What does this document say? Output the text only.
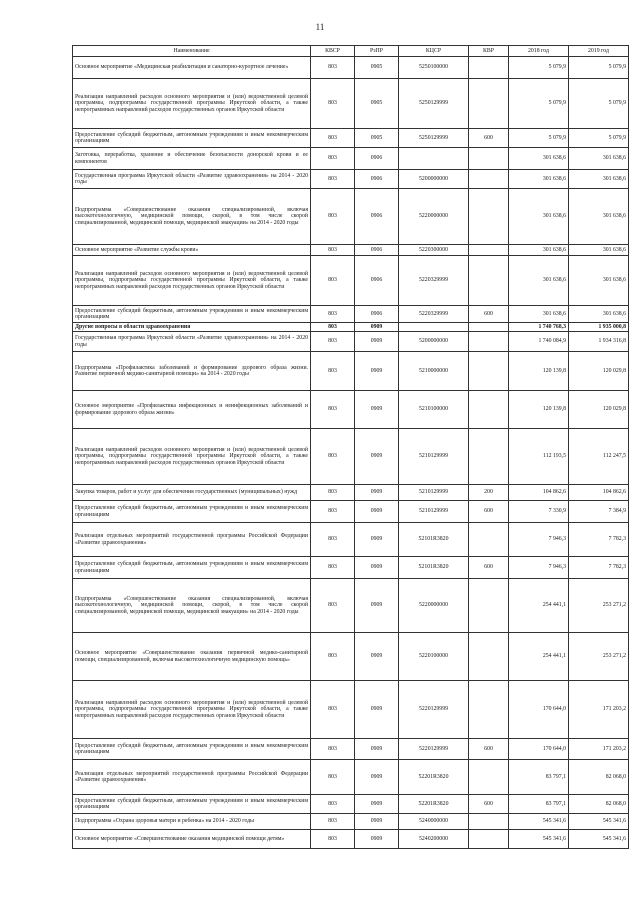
11
Наименование	КВСР	РзПР	КЦСР	КВР	2018 год	2019 год
Основное мероприятие «Медицинская реабилитация и санаторно-курортное лечение»	803	0905	5250100000		5 079,9	5 079,9
Реализация направлений расходов основного мероприятия и (или) ведомственной целевой программы, подпрограммы государственной программы Иркутской области, а также непрограммных направлений расходов государственных органов Иркутской области	803	0905	5250129999		5 079,9	5 079,9
Предоставление субсидий бюджетным, автономным учреждениям и иным некоммерческим организациям	803	0905	5250129999	600	5 079,9	5 079,9
Заготовка, переработка, хранение и обеспечение безопасности донорской крови и ее компонентов	803	0906			301 638,6	301 638,6
Государственная программа Иркутской области «Развитие здравоохранения» на 2014 - 2020 годы	803	0906	5200000000		301 638,6	301 638,6
Подпрограмма «Совершенствование оказания специализированной, включая высокотехнологичную, медицинской помощи, скорой, в том числе скорой специализированной, медицинской помощи, медицинской эвакуации» на 2014 - 2020 годы	803	0906	5220000000		301 638,6	301 638,6
Основное мероприятие «Развитие службы крови»	803	0906	5220300000		301 638,6	301 638,6
Реализация направлений расходов основного мероприятия и (или) ведомственной целевой программы, подпрограммы государственной программы Иркутской области, а также непрограммных направлений расходов государственных органов Иркутской области	803	0906	5220329999		301 638,6	301 638,6
Предоставление субсидий бюджетным, автономным учреждениям и иным некоммерческим организациям	803	0906	5220329999	600	301 638,6	301 638,6
Другие вопросы в области здравоохранения	803	0909			1 740 768,3	1 935 000,8
Государственная программа Иркутской области «Развитие здравоохранения» на 2014 - 2020 годы	803	0909	5200000000		1 740 084,9	1 934 316,8
Подпрограмма «Профилактика заболеваний и формирование здорового образа жизни. Развитие первичной медико-санитарной помощи» на 2014 - 2020 годы	803	0909	5210000000		120 139,8	120 029,8
Основное мероприятие «Профилактика инфекционных и неинфекционных заболеваний и формирование здорового образа жизни»	803	0909	5210100000		120 139,8	120 029,8
Реализация направлений расходов основного мероприятия и (или) ведомственной целевой программы, подпрограммы государственной программы Иркутской области, а также непрограммных направлений расходов государственных органов Иркутской области	803	0909	5210129999		112 193,5	112 247,5
Закупка товаров, работ и услуг для обеспечения государственных (муниципальных) нужд	803	0909	5210129999	200	104 862,6	104 862,6
Предоставление субсидий бюджетным, автономным учреждениям и иным некоммерческим организациям	803	0909	5210129999	600	7 330,9	7 384,9
Реализация отдельных мероприятий государственной программы Российской Федерации «Развитие здравоохранения»	803	0909	52101R3820		7 946,3	7 782,3
Предоставление субсидий бюджетным, автономным учреждениям и иным некоммерческим организациям	803	0909	52101R3820	600	7 946,3	7 782,3
Подпрограмма «Совершенствование оказания специализированной, включая высокотехнологичную, медицинской помощи, скорой, в том числе скорой специализированной, медицинской помощи, медицинской эвакуации» на 2014 - 2020 годы	803	0909	5220000000		254 441,1	253 271,2
Основное мероприятие «Совершенствование оказания первичной медико-санитарной помощи, специализированной, включая высокотехнологичную медицинскую помощь»	803	0909	5220100000		254 441,1	253 271,2
Реализация направлений расходов основного мероприятия и (или) ведомственной целевой программы, подпрограммы государственной программы Иркутской области, а также непрограммных направлений расходов государственных органов Иркутской области	803	0909	5220129999		170 644,0	171 203,2
Предоставление субсидий бюджетным, автономным учреждениям и иным некоммерческим организациям	803	0909	5220129999	600	170 644,0	171 203,2
Реализация отдельных мероприятий государственной программы Российской Федерации «Развитие здравоохранения»	803	0909	52201R3820		83 797,1	82 068,0
Предоставление субсидий бюджетным, автономным учреждениям и иным некоммерческим организациям	803	0909	52201R3820	600	83 797,1	82 068,0
Подпрограмма «Охрана здоровья матери и ребенка» на 2014 - 2020 годы	803	0909	5240000000		545 341,6	545 341,6
Основное мероприятие «Совершенствование оказания медицинской помощи детям»	803	0909	5240200000		545 341,6	545 341,6
